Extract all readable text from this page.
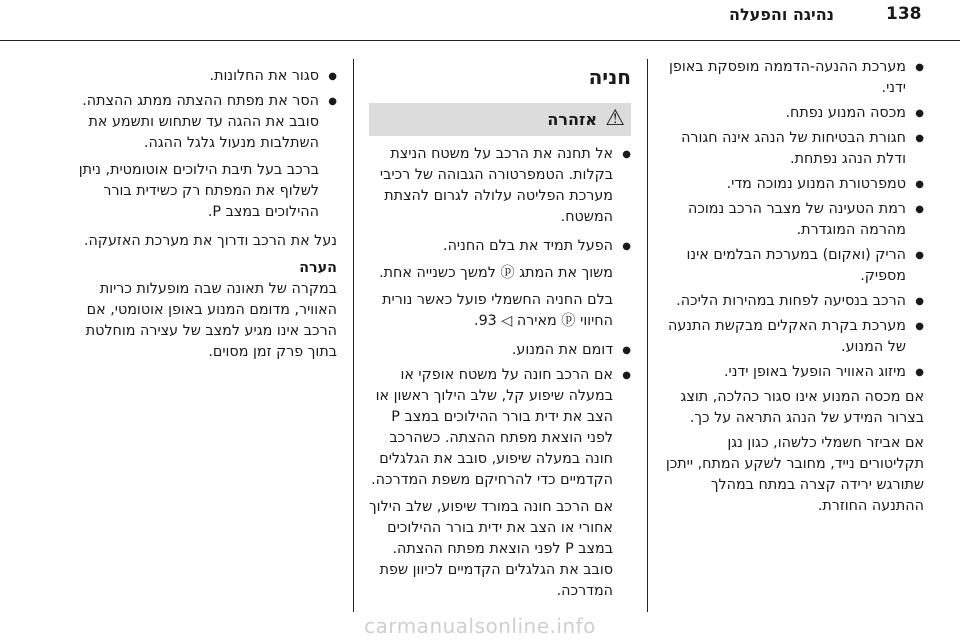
138
נהיגה והפעלה

● מערכת ההנעה-הדממה מופסקת באופן ידני.

● מכסה המנוע נפתח.

● חגורת הבטיחות של הנהג אינה חגורה ודלת הנהג נפתחת.

● טמפרטורת המנוע נמוכה מדי.

● רמת הטעינה של מצבר הרכב נמוכה מהרמה המוגדרת.

● הריק (ואקום) במערכת הבלמים אינו מספיק.

● הרכב בנסיעה לפחות במהירות הליכה.

● מערכת בקרת האקלים מבקשת התנעה של המנוע.

● מיזוג האוויר הופעל באופן ידני.

אם מכסה המנוע אינו סגור כהלכה, תוצג בצרור המידע של הנהג התראה על כך.

אם אביזר חשמלי כלשהו, כגון נגן תקליטורים נייד, מחובר לשקע המתח, ייתכן שתורגש ירידה קצרה במתח במהלך ההתנעה החוזרת.

חניה
⚠
אזהרה

● אל תחנה את הרכב על משטח הניצת בקלות. הטמפרטורה הגבוהה של רכיבי מערכת הפליטה עלולה לגרום להצתת המשטח.

● הפעל תמיד את בלם החניה.

משוך את המתג ⓟ למשך כשנייה אחת.

בלם החניה החשמלי פועל כאשר נורית החיווי ⓟ מאירה ◁ 93.

● דומם את המנוע.

● אם הרכב חונה על משטח אופקי או במעלה שיפוע קל, שלב הילוך ראשון או הצב את ידית בורר ההילוכים במצב P לפני הוצאת מפתח ההצתה. כשהרכב חונה במעלה שיפוע, סובב את הגלגלים הקדמיים כדי להרחיקם משפת המדרכה.

אם הרכב חונה במורד שיפוע, שלב הילוך אחורי או הצב את ידית בורר ההילוכים במצב P לפני הוצאת מפתח ההצתה. סובב את הגלגלים הקדמיים לכיוון שפת המדרכה.

● סגור את החלונות.

● הסר את מפתח ההצתה ממתג ההצתה. סובב את ההגה עד שתחוש ותשמע את השתלבות מנעול גלגל ההגה.

ברכב בעל תיבת הילוכים אוטומטית, ניתן לשלוף את המפתח רק כשידית בורר ההילוכים במצב P.

נעל את הרכב ודרוך את מערכת האזעקה.

הערה

במקרה של תאונה שבה מופעלות כריות האוויר, מדומם המנוע באופן אוטומטי, אם הרכב אינו מגיע למצב של עצירה מוחלטת בתוך פרק זמן מסוים.

carmanualsonline.info
